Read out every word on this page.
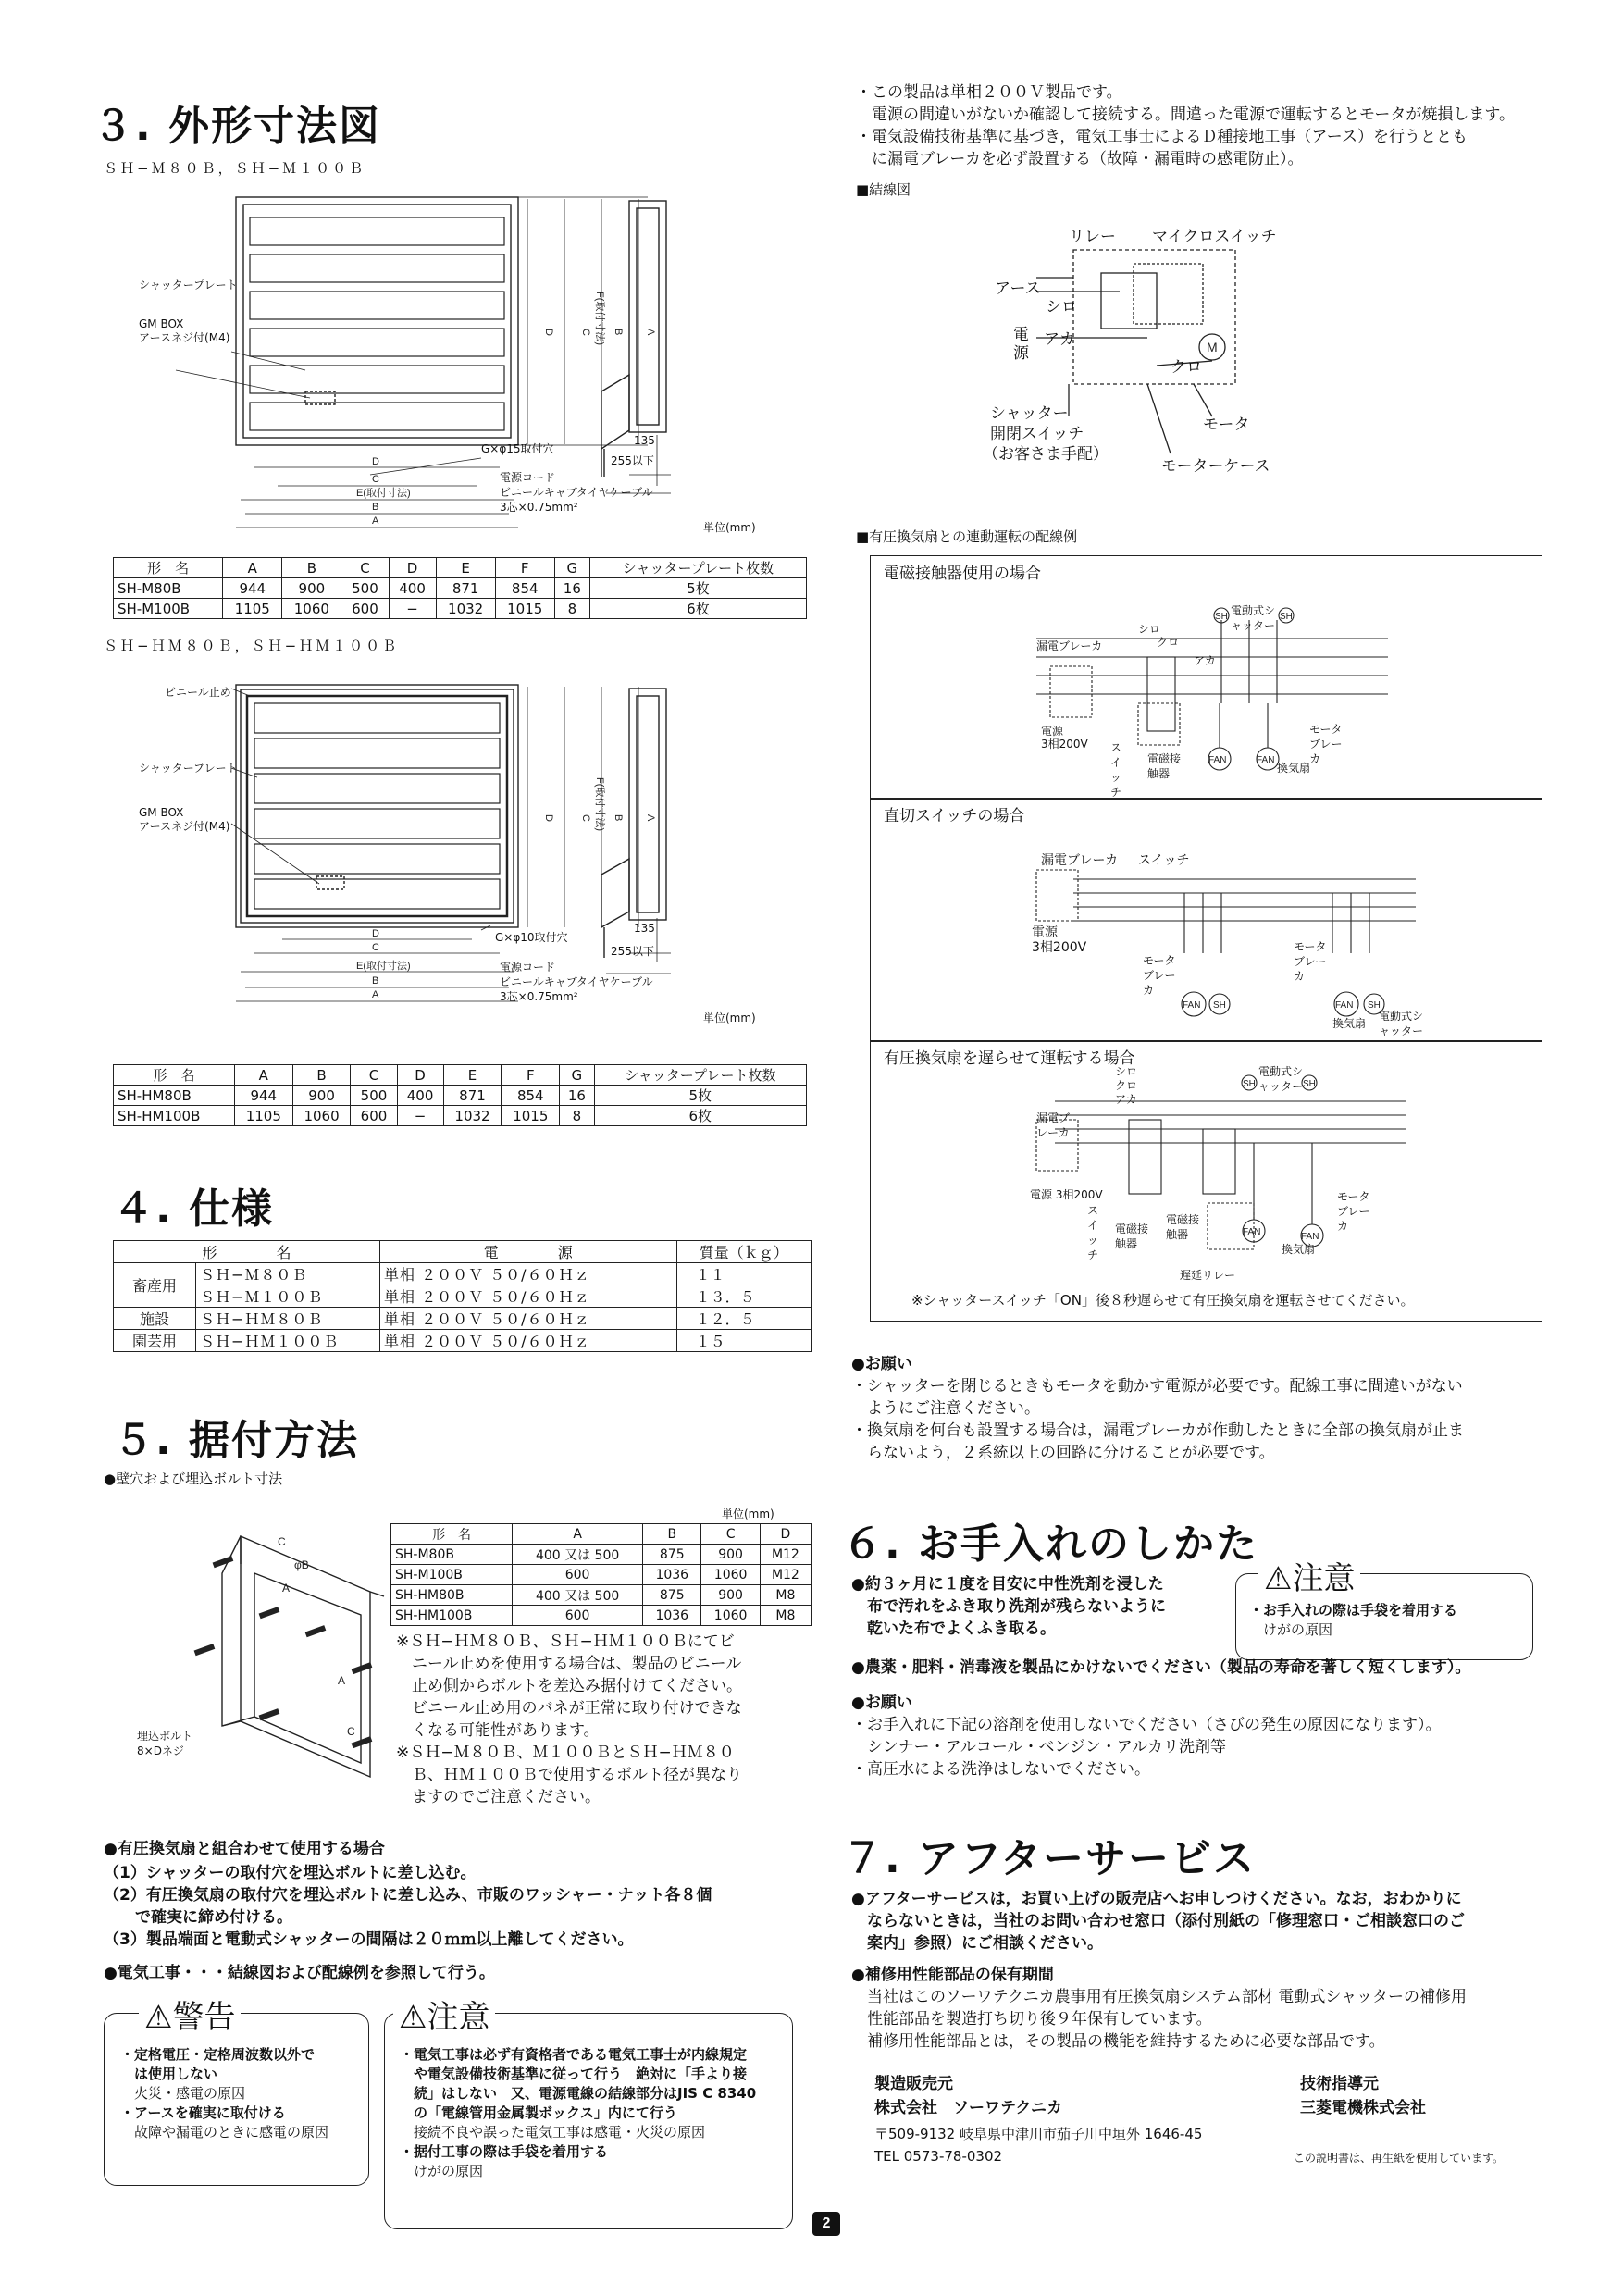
３. 外形寸法図
ＳＨ−Ｍ８０Ｂ，ＳＨ−Ｍ１００Ｂ
D	C F(取付寸法) B A
D
C
E(取付寸法)
B
A
シャッタープレート
GM BOX
アースネジ付(M4)
G×φ15取付穴
135
255以下
電源コード
ビニールキャブタイヤケーブル
3芯×0.75mm²
単位(mm)
形　名	A	B	C	D	E	F	G	シャッタープレート枚数
SH-M80B	944	900	500	400	871	854	16	5枚
SH-M100B	1105	1060	600	−	1032	1015	8	6枚
ＳＨ−ＨＭ８０Ｂ，ＳＨ−ＨＭ１００Ｂ
D	C F(取付寸法) B A
D
C
E(取付寸法)
B
A
ビニール止め
シャッタープレート
GM BOX
アースネジ付(M4)
G×φ10取付穴
135
255以下
電源コード
ビニールキャブタイヤケーブル
3芯×0.75mm²
単位(mm)
形　名	A	B	C	D	E	F	G	シャッタープレート枚数
SH-HM80B	944	900	500	400	871	854	16	5枚
SH-HM100B	1105	1060	600	−	1032	1015	8	6枚
４. 仕様
形　　　　名		電　　　　源	質量（ｋｇ）
畜産用	ＳＨ−Ｍ８０Ｂ	単相 ２００Ｖ ５０/６０Ｈｚ	１１
	ＳＨ−Ｍ１００Ｂ	単相 ２００Ｖ ５０/６０Ｈｚ	１３．５
施設	ＳＨ−ＨＭ８０Ｂ	単相 ２００Ｖ ５０/６０Ｈｚ	１２．５
園芸用	ＳＨ−ＨＭ１００Ｂ	単相 ２００Ｖ ５０/６０Ｈｚ	１５
５. 据付方法
●壁穴および埋込ボルト寸法
単位(mm)
C
φB
A
A
C
埋込ボルト
8×Dネジ
形　名	A	B	C	D
SH-M80B	400 又は 500	875	900	M12
SH-M100B	600	1036	1060	M12
SH-HM80B	400 又は 500	875	900	M8
SH-HM100B	600	1036	1060	M8
※ＳＨ−ＨＭ８０Ｂ、ＳＨ−ＨＭ１００Ｂにてビ
　ニール止めを使用する場合は、製品のビニール
　止め側からボルトを差込み据付けてください。
　ビニール止め用のバネが正常に取り付けできな
　くなる可能性があります。
※ＳＨ−Ｍ８０Ｂ、Ｍ１００ＢとＳＨ−ＨＭ８０
　Ｂ、ＨＭ１００Ｂで使用するボルト径が異なり
　ますのでご注意ください。
●有圧換気扇と組合わせて使用する場合
（1）シャッターの取付穴を埋込ボルトに差し込む。
（2）有圧換気扇の取付穴を埋込ボルトに差し込み、市販のワッシャー・ナット各８個
　　で確実に締め付ける。
（3）製品端面と電動式シャッターの間隔は２０ｍｍ以上離してください。
●電気工事・・・結線図および配線例を参照して行う。
⚠警告
・定格電圧・定格周波数以外で
　は使用しない
　火災・感電の原因
・アースを確実に取付ける
　故障や漏電のときに感電の原因
⚠注意
・電気工事は必ず有資格者である電気工事士が内線規定
　や電気設備技術基準に従って行う　絶対に「手より接
　続」はしない　又、電源電線の結線部分はJIS C 8340
　の「電線管用金属製ボックス」内にて行う
　接続不良や誤った電気工事は感電・火災の原因
・据付工事の際は手袋を着用する
　けがの原因
・この製品は単相２００Ｖ製品です。
　電源の間違いがないか確認して接続する。間違った電源で運転するとモータが焼損します。
・電気設備技術基準に基づき，電気工事士によるＤ種接地工事（アース）を行うととも
　に漏電ブレーカを必ず設置する（故障・漏電時の感電防止）。
■結線図
M
リレー マイクロスイッチ
アース
シロ
電源
アカ
クロ
シャッター
開閉スイッチ
（お客さま手配）
モータ
モーターケース
■有圧換気扇との連動運転の配線例
電磁接触器使用の場合
直切スイッチの場合
有圧換気扇を遅らせて運転する場合
SH	SH
FAN	FAN
漏電ブレーカ
シロ
クロ
アカ
電動式シャッター
電源
3相200V スイッチ
電磁接触器	換気扇
モータブレーカ
FAN SH	FAN SH
漏電ブレーカ スイッチ
電源
3相200V
モータブレーカ
モータブレーカ
換気扇
電動式シャッター
SH	SH
FAN	FAN
シロ
クロ
アカ
漏電ブレーカ
電動式シャッター
電源 3相200V
スイッチ
電磁接触器
電磁接触器
遅延リレー
換気扇
モータブレーカ
※シャッタースイッチ「ON」後８秒遅らせて有圧換気扇を運転させてください。
●お願い
・シャッターを閉じるときもモータを動かす電源が必要です。配線工事に間違いがない
　ようにご注意ください。
・換気扇を何台も設置する場合は，漏電ブレーカが作動したときに全部の換気扇が止ま
　らないよう，２系統以上の回路に分けることが必要です。
６. お手入れのしかた
●約３ヶ月に１度を目安に中性洗剤を浸した
　布で汚れをふき取り洗剤が残らないように
　乾いた布でよくふき取る。
⚠注意
・お手入れの際は手袋を着用する
　けがの原因
●農薬・肥料・消毒液を製品にかけないでください（製品の寿命を著しく短くします）。
●お願い
・お手入れに下記の溶剤を使用しないでください（さびの発生の原因になります）。
　シンナー・アルコール・ベンジン・アルカリ洗剤等
・高圧水による洗浄はしないでください。
７. アフターサービス
●アフターサービスは，お買い上げの販売店へお申しつけください。なお，おわかりに
　ならないときは，当社のお問い合わせ窓口（添付別紙の「修理窓口・ご相談窓口のご
　案内」参照）にご相談ください。
●補修用性能部品の保有期間
　当社はこのソーワテクニカ農事用有圧換気扇システム部材 電動式シャッターの補修用
　性能部品を製造打ち切り後９年保有しています。
　補修用性能部品とは，その製品の機能を維持するために必要な部品です。
製造販売元
株式会社　ソーワテクニカ
〒509-9132 岐阜県中津川市茄子川中垣外 1646-45
TEL 0573-78-0302
技術指導元
三菱電機株式会社
この説明書は、再生紙を使用しています。
2
